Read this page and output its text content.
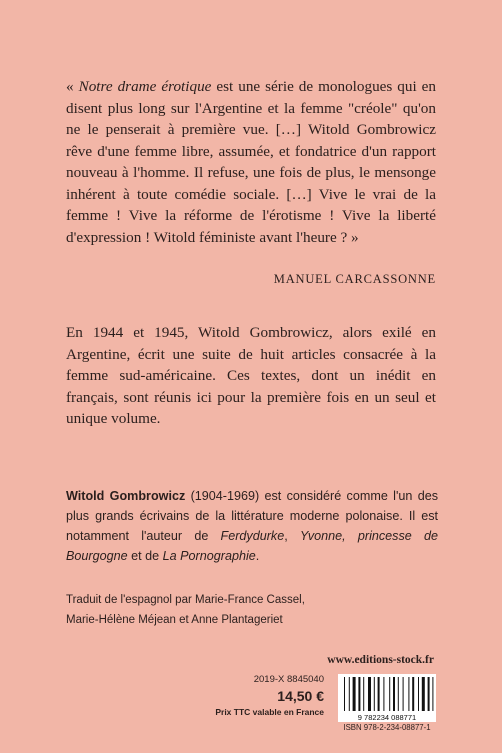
« Notre drame érotique est une série de monologues qui en disent plus long sur l'Argentine et la femme "créole" qu'on ne le penserait à première vue. […] Witold Gombrowicz rêve d'une femme libre, assumée, et fondatrice d'un rapport nouveau à l'homme. Il refuse, une fois de plus, le mensonge inhérent à toute comédie sociale. […] Vive le vrai de la femme ! Vive la réforme de l'érotisme ! Vive la liberté d'expression ! Witold féministe avant l'heure ? »
MANUEL CARCASSONNE
En 1944 et 1945, Witold Gombrowicz, alors exilé en Argentine, écrit une suite de huit articles consacrée à la femme sud-américaine. Ces textes, dont un inédit en français, sont réunis ici pour la première fois en un seul et unique volume.
Witold Gombrowicz (1904-1969) est considéré comme l'un des plus grands écrivains de la littérature moderne polonaise. Il est notamment l'auteur de Ferdydurke, Yvonne, princesse de Bourgogne et de La Pornographie.
Traduit de l'espagnol par Marie-France Cassel,
Marie-Hélène Méjean et Anne Plantageriet
www.editions-stock.fr
2019-X 8845040
14,50 €
Prix TTC valable en France
9 782234 088771
ISBN 978-2-234-08877-1
